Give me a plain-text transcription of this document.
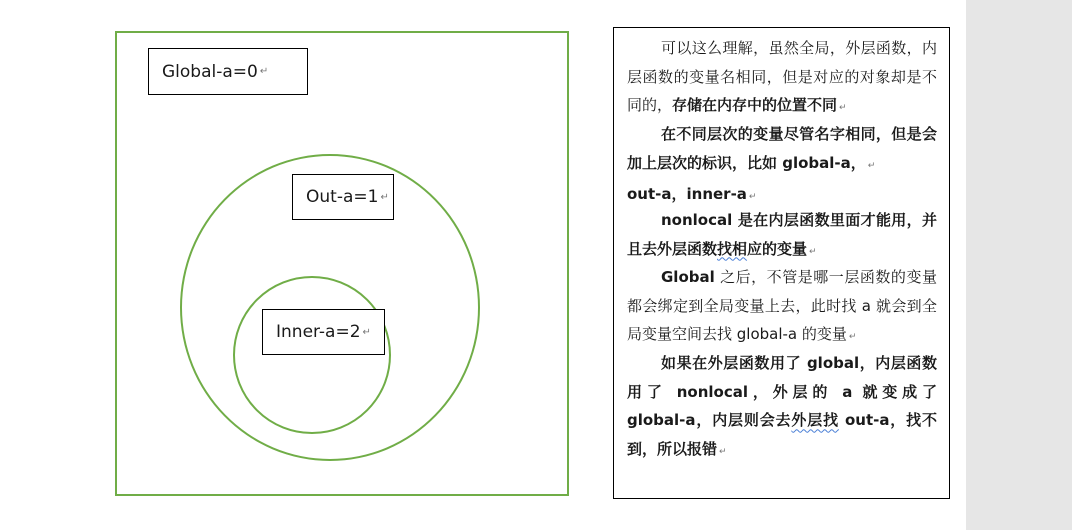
Global-a=0 ↵
Out-a=1 ↵
Inner-a=2 ↵
可以这么理解，虽然全局，外层函数，内层函数的变量名相同，但是对应的对象却是不同的，存储在内存中的位置不同 ↵
在不同层次的变量尽管名字相同，但是会加上层次的标识，比如 global-a， ↵
out-a，inner-a ↵
nonlocal 是在内层函数里面才能用，并且去外层函数找相应的变量 ↵
Global 之后，不管是哪一层函数的变量都会绑定到全局变量上去，此时找 a 就会到全局变量空间去找 global-a 的变量 ↵
如果在外层函数用了 global，内层函数用了 nonlocal，外层的 a 就变成了 global-a，内层则会去外层找 out-a，找不到，所以报错 ↵
